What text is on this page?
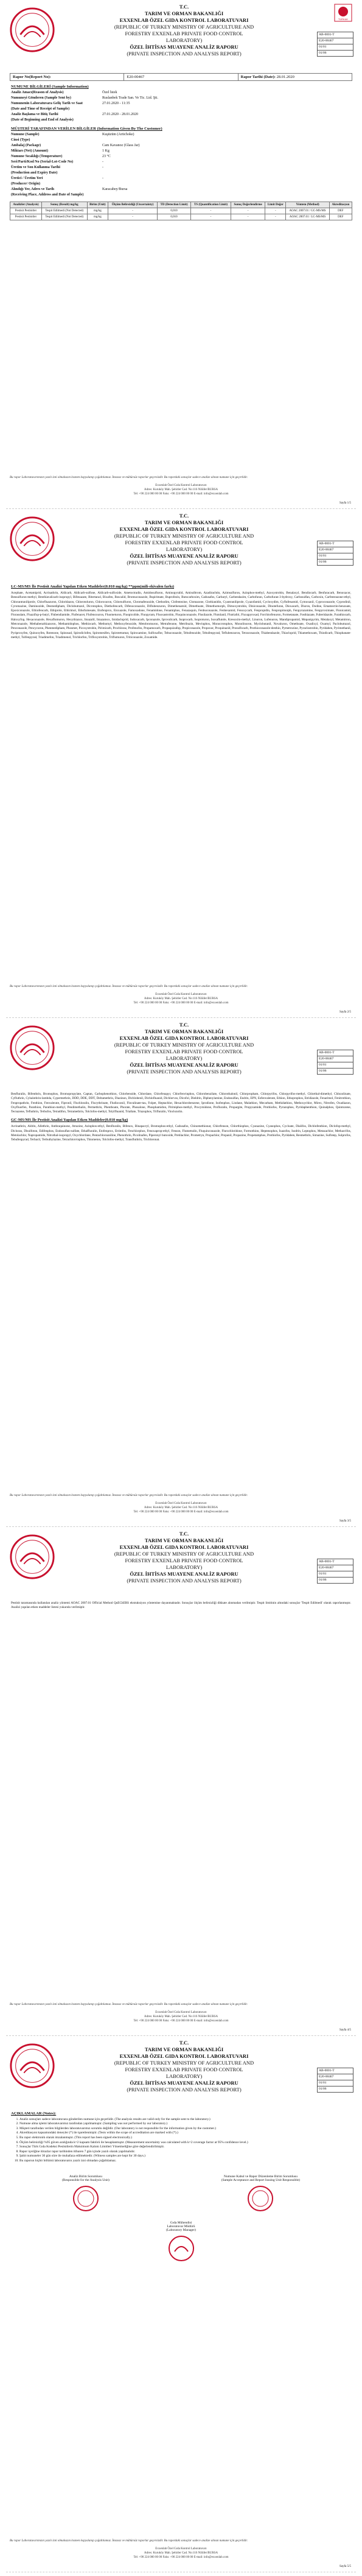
T.C.
TARIM VE ORMAN BAKANLIĞI
EXXENLAB ÖZEL GIDA KONTROL LABORATUVARI
(REPUBLIC OF TURKEY MINISTRY OF AGRICULTURE AND
FORESTRY EXXENLAB PRIVATE FOOD CONTROL
LABORATORY)
ÖZEL İHTİSAS MUAYENE ANALİZ RAPORU
(PRIVATE INSPECTION AND ANALYSIS REPORT)
TÜRKAK
AB-0001-T
E20-00467
01/01
01/06
Rapor No(Report No):	E20-00467	Rapor Tarihi (Date): 28.01.2020
NUMUNE BİLGİLERİ (Sample Information)
Analiz Amacı(Reason of Analysis)	Özel İstek
Numuneyi Gönderen (Sample Sent by)	Ruslanbek Trade San. Ve Tic. Ltd. Şti.
Numunenin Laboratuvara Geliş Tarih ve Saat	27.01.2020 - 11:35
(Date and Time of Receipt of Sample)
Analiz Başlama ve Bitiş Tarihi	27.01.2020 - 28.01.2020
(Date of Beginning and End of Analysis)
MÜŞTERİ TARAFINDAN VERİLEN BİLGİLER (Information Given By The Customer)
Numune (Sample)	Kuşüzüm (Artichoke)
Cinsi (Type)
Ambalaj (Package)	Cam Kavanoz (Glass Jar)
Miktarı (Net) (Amount)	1 Kg
Numune Sıcaklığı (Temperature)	23 °C
Seri/Parti/Kod No (Serial-Lot-Code No)	-
Üretim ve Son Kullanma Tarihi	-
(Production and Expiry Date)
Üretici / Üretim Yeri	-
(Producer/ Origin)
Alındığı Yer, Adres ve Tarih	Karacabey/Bursa
(Receiving Place, Address and Date of Sample)
Analizler (Analysis)	Sonuç (Result) mg/kg	Birim (Unit)	Ölçüm Belirsizliği (Uncertainty)	TD (Detection Limit)	TS (Quantification Limit)	Sonuç Değerlendirme	Limit Değer	Yöntem (Method)	Akreditasyon
Pestisit Pestisitler	Tespit Edilmedi (Not Detected)	mg/kg	-	0,010	-	-	-	AOAC 2007.01 / GC-MS/MS	DEF
Pestisit Pestisitler	Tespit Edilmedi (Not Detected)	mg/kg	-	0,010	-	-	-	AOAC 2007.01 / LC-MS/MS	DEF
Bu rapor Laboratuvarımızın yazılı izni olmaksızın kısmen kopyalanıp çoğaltılamaz. İmzasız ve mühürsüz raporlar geçersizdir. Bu rapordaki sonuçlar sadece analize alınan numune için geçerlidir.
Exxenlab Özel Gıda Kontrol Laboratuvarı
Adres: Kuruköy Mah. Şehitler Cad. No:116 Nilüfer/BURSA
Tel: +90 224 000 00 00 Faks: +90 224 000 00 00 E-mail: info@exxenlab.com
Sayfa 1/5
T.C.
TARIM VE ORMAN BAKANLIĞI
EXXENLAB ÖZEL GIDA KONTROL LABORATUVARI
(REPUBLIC OF TURKEY MINISTRY OF AGRICULTURE AND
FORESTRY EXXENLAB PRIVATE FOOD CONTROL
LABORATORY)
ÖZEL İHTİSAS MUAYENE ANALİZ RAPORU
(PRIVATE INSPECTION AND ANALYSIS REPORT)
AB-0001-T
E20-00467
01/01
01/06
LC-MS/MS İle Pestisit Analizi Yapılan Etken Maddeler(0.010 mg/kg) **ppm(mili-ekivalen farkı)
Acephate, Acetamiprid, Acrinathrin, Aldicarb, Aldicarb-sulfone, Aldicarb-sulfoxide, Ametoctradin, Amidosulfuron, Aminopyralid, Amisulbrom, Azadirachtin, Azimsulfuron, Azinphos-methyl, Azoxystrobin, Benalaxyl, Bendiocarb, Benfuracarb, Benoxacor, Bensulfuron-methyl, Benthiavalicarb-isopropyl, Bifenazate, Bitertanol, Bixafen, Boscalid, Bromuconazole, Bupirimate, Buprofezin, Butocarboxim, Cadusafos, Carbaryl, Carbendazim, Carbofuran, Carbofuran-3-hydroxy, Carbosulfan, Carboxin, Carfentrazone-ethyl, Chlorantraniliprole, Chlorfluazuron, Chloridazon, Chlorotoluron, Chloroxuron, Chlorsulfuron, Chromafenozide, Clethodim, Clofentezine, Clomazone, Clothianidin, Cyantraniliprole, Cyazofamid, Cycloxydim, Cyflufenamid, Cymoxanil, Cyproconazole, Cyprodinil, Cyromazine, Daminozide, Desmedipham, Diclobutrazol, Dicrotophos, Diethofencarb, Difenoconazole, Diflubenzuron, Dimethenamid, Dimethoate, Dimethomorph, Dimoxystrobin, Diniconazole, Dinotefuran, Dioxacarb, Diuron, Dodine, Emamectin-benzoate, Epoxiconazole, Ethiofencarb, Ethiprole, Ethirimol, Ethofumesate, Etofenprox, Etoxazole, Famoxadone, Fenamidone, Fenamiphos, Fenazaquin, Fenbuconazole, Fenhexamid, Fenoxycarb, Fenpropidin, Fenpropimorph, Fenpyrazamine, Fenpyroximate, Flonicamid, Florasulam, Fluazifop-p-butyl, Flubendiamide, Flufenacet, Flufenoxuron, Fluometuron, Fluopicolide, Fluopyram, Fluoxastrobin, Fluquinconazole, Flusilazole, Flutolanil, Flutriafol, Fluxapyroxad, Forchlorfenuron, Formetanate, Fosthiazate, Fuberidazole, Furathiocarb, Haloxyfop, Hexaconazole, Hexaflumuron, Hexythiazox, Imazalil, Imazamox, Imidacloprid, Indoxacarb, Ipconazole, Iprovalicarb, Isoprocarb, Isoproturon, Isoxaflutole, Kresoxim-methyl, Linuron, Lufenuron, Mandipropamid, Mepanipyrim, Metalaxyl, Metamitron, Metconazole, Methabenzthiazuron, Methamidophos, Methiocarb, Methomyl, Methoxyfenozide, Metobromuron, Metrafenone, Metribuzin, Mevinphos, Monocrotophos, Monolinuron, Myclobutanil, Novaluron, Omethoate, Oxadixyl, Oxamyl, Paclobutrazol, Penconazole, Pencycuron, Phenmedipham, Phosmet, Picoxystrobin, Pirimicarb, Prochloraz, Profenofos, Propamocarb, Propaquizafop, Propiconazole, Propoxur, Proquinazid, Prosulfocarb, Prothioconazole-desthio, Pymetrozine, Pyraclostrobin, Pyridaben, Pyrimethanil, Pyriproxyfen, Quinoxyfen, Rotenone, Spinosad, Spirodiclofen, Spiromesifen, Spirotetramat, Spiroxamine, Sulfoxaflor, Tebuconazole, Tebufenozide, Tebufenpyrad, Teflubenzuron, Tetraconazole, Thiabendazole, Thiacloprid, Thiamethoxam, Thiodicarb, Thiophanate-methyl, Tolfenpyrad, Triadimefon, Triadimenol, Trichlorfon, Trifloxystrobin, Triflumuron, Triticonazole, Zoxamide.
Bu rapor Laboratuvarımızın yazılı izni olmaksızın kısmen kopyalanıp çoğaltılamaz. İmzasız ve mühürsüz raporlar geçersizdir. Bu rapordaki sonuçlar sadece analize alınan numune için geçerlidir.
Exxenlab Özel Gıda Kontrol Laboratuvarı
Adres: Kuruköy Mah. Şehitler Cad. No:116 Nilüfer/BURSA
Tel: +90 224 000 00 00 Faks: +90 224 000 00 00 E-mail: info@exxenlab.com
Sayfa 2/5
T.C.
TARIM VE ORMAN BAKANLIĞI
EXXENLAB ÖZEL GIDA KONTROL LABORATUVARI
(REPUBLIC OF TURKEY MINISTRY OF AGRICULTURE AND
FORESTRY EXXENLAB PRIVATE FOOD CONTROL
LABORATORY)
ÖZEL İHTİSAS MUAYENE ANALİZ RAPORU
(PRIVATE INSPECTION AND ANALYSIS REPORT)
AB-0001-T
E20-00467
01/01
01/06
Benfluralin, Bifenthrin, Bromophos, Bromopropylate, Captan, Carbophenothion, Chlorbenside, Chlordane, Chlorfenapyr, Chlorfenvinphos, Chlorobenzilate, Chlorothalonil, Chlorpropham, Chlorpyrifos, Chlorpyrifos-methyl, Chlorthal-dimethyl, Chlozolinate, Cyfluthrin, Cyhalothrin-lambda, Cypermethrin, DDD, DDE, DDT, Deltamethrin, Diazinon, Dichlobenil, Dichlofluanid, Dichlorvos, Dicofol, Dieldrin, Diphenylamine, Endosulfan, Endrin, EPN, Esfenvalerate, Ethion, Ethoprophos, Etridiazole, Fenarimol, Fenitrothion, Fenpropathrin, Fenthion, Fenvalerate, Fipronil, Fluchloralin, Flucythrinate, Fludioxonil, Fluvalinate-tau, Folpet, Heptachlor, Hexachlorobenzene, Iprodione, Isofenphos, Lindane, Malathion, Mecarbam, Methidathion, Methoxychlor, Mirex, Nitrofen, Oxadiazon, Oxyfluorfen, Parathion, Parathion-methyl, Pendimethalin, Permethrin, Phenthoate, Phorate, Phosalone, Phosphamidon, Pirimiphos-methyl, Procymidone, Profluralin, Propargite, Propyzamide, Prothiofos, Pyrazophos, Pyridaphenthion, Quinalphos, Quintozene, Tecnazene, Tefluthrin, Terbufos, Tetradifon, Tetramethrin, Tolclofos-methyl, Tolylfluanid, Triallate, Triazophos, Trifluralin, Vinclozolin.
GC-MS/MS İle Pestisit Analizi Yapılan Etken Maddeler(0.010 mg/kg)
Acrinathrin, Aldrin, Allethrin, Anthraquinone, Atrazine, Azinphos-ethyl, Benfluralin, Bifenox, Binapacryl, Bromophos-ethyl, Cadusafos, Chinomethionat, Chlorfenson, Chlorthiophos, Cyanazine, Cyanophos, Cycloate, Dialifos, Dichlofenthion, Diclofop-methyl, Dicloran, Disulfoton, Edifenphos, Endosulfan-sulfate, Ethalfluralin, Etofenprox, Etrimfos, Fenchlorphos, Fenoxaprop-ethyl, Fenson, Flumetralin, Fluquinconazole, Flurochloridone, Formothion, Heptenophos, Isazofos, Isodrin, Leptophos, Metazachlor, Methacrifos, Metolachlor, Napropamide, Nitrothal-isopropyl, Oxychlordane, Pentachloroaniline, Phenothrin, Picolinafen, Piperonyl butoxide, Pretilachlor, Prometryn, Propachlor, Propanil, Propazine, Propetamphos, Prothiofos, Pyridaben, Resmethrin, Simazine, Sulfotep, Sulprofos, Tebufenpyrad, Terbacil, Terbuthylazine, Tetrachlorvinphos, Thiometon, Tolclofos-methyl, Transfluthrin, Trichloronat.
Bu rapor Laboratuvarımızın yazılı izni olmaksızın kısmen kopyalanıp çoğaltılamaz. İmzasız ve mühürsüz raporlar geçersizdir. Bu rapordaki sonuçlar sadece analize alınan numune için geçerlidir.
Exxenlab Özel Gıda Kontrol Laboratuvarı
Adres: Kuruköy Mah. Şehitler Cad. No:116 Nilüfer/BURSA
Tel: +90 224 000 00 00 Faks: +90 224 000 00 00 E-mail: info@exxenlab.com
Sayfa 3/5
T.C.
TARIM VE ORMAN BAKANLIĞI
EXXENLAB ÖZEL GIDA KONTROL LABORATUVARI
(REPUBLIC OF TURKEY MINISTRY OF AGRICULTURE AND
FORESTRY EXXENLAB PRIVATE FOOD CONTROL
LABORATORY)
ÖZEL İHTİSAS MUAYENE ANALİZ RAPORU
(PRIVATE INSPECTION AND ANALYSIS REPORT)
AB-0001-T
E20-00467
01/01
01/06
Pestisit taramasında kullanılan analiz yöntemi AOAC 2007.01 Official Method QuEChERS ekstraksiyon yöntemine dayanmaktadır. Sonuçlar ölçüm belirsizliği dikkate alınmadan verilmiştir. Tespit limitinin altındaki sonuçlar 'Tespit Edilmedi' olarak raporlanmıştır. Analizi yapılan etken maddeler listesi yukarıda verilmiştir.
Bu rapor Laboratuvarımızın yazılı izni olmaksızın kısmen kopyalanıp çoğaltılamaz. İmzasız ve mühürsüz raporlar geçersizdir. Bu rapordaki sonuçlar sadece analize alınan numune için geçerlidir.
Exxenlab Özel Gıda Kontrol Laboratuvarı
Adres: Kuruköy Mah. Şehitler Cad. No:116 Nilüfer/BURSA
Tel: +90 224 000 00 00 Faks: +90 224 000 00 00 E-mail: info@exxenlab.com
Sayfa 4/5
T.C.
TARIM VE ORMAN BAKANLIĞI
EXXENLAB ÖZEL GIDA KONTROL LABORATUVARI
(REPUBLIC OF TURKEY MINISTRY OF AGRICULTURE AND
FORESTRY EXXENLAB PRIVATE FOOD CONTROL
LABORATORY)
ÖZEL İHTİSAS MUAYENE ANALİZ RAPORU
(PRIVATE INSPECTION AND ANALYSIS REPORT)
AB-0001-T
E20-00467
01/01
01/06
AÇIKLAMALAR (Notes):
1. Analiz sonuçları sadece laboratuvara gönderilen numune için geçerlidir. (The analysis results are valid only for the sample sent to the laboratory.)
2. Numune alma işlemi laboratuvarımız tarafından yapılmamıştır. (Sampling was not performed by our laboratory.)
3. Müşteri tarafından verilen bilgilerden laboratuvarımız sorumlu değildir. (Our laboratory is not responsible for the information given by the customer.)
4. Akreditasyon kapsamındaki deneyler (*) ile işaretlenmiştir. (Tests within the scope of accreditation are marked with (*).)
5. Bu rapor elektronik olarak imzalanmıştır. (This report has been signed electronically.)
6. Ölçüm belirsizliği %95 güven aralığında k=2 kapsam faktörü ile hesaplanmıştır. (Measurement uncertainty was calculated with k=2 coverage factor at 95% confidence level.)
7. Sonuçlar Türk Gıda Kodeksi Pestisitlerin Maksimum Kalıntı Limitleri Yönetmeliğine göre değerlendirilmiştir.
8. Rapor içeriğine itirazlar rapor tarihinden itibaren 7 gün içinde yazılı olarak yapılmalıdır.
9. Şahit numuneler 30 gün süre ile muhafaza edilmektedir. (Witness samples are kept for 30 days.)
10. Bu raporun hiçbir bölümü laboratuvarın yazılı izni olmadan çoğaltılamaz.
Analiz Birim Sorumlusu
(Responsible for the Analysis Unit)
Numune Kabul ve Rapor Düzenleme Birim Sorumlusu
(Sample Acceptance and Report Issuing Unit Responsible)
Gıda Mühendisi
Laboratuvar Müdürü
(Laboratory Manager)
Bu rapor Laboratuvarımızın yazılı izni olmaksızın kısmen kopyalanıp çoğaltılamaz. İmzasız ve mühürsüz raporlar geçersizdir. Bu rapordaki sonuçlar sadece analize alınan numune için geçerlidir.
Exxenlab Özel Gıda Kontrol Laboratuvarı
Adres: Kuruköy Mah. Şehitler Cad. No:116 Nilüfer/BURSA
Tel: +90 224 000 00 00 Faks: +90 224 000 00 00 E-mail: info@exxenlab.com
Sayfa 5/5
